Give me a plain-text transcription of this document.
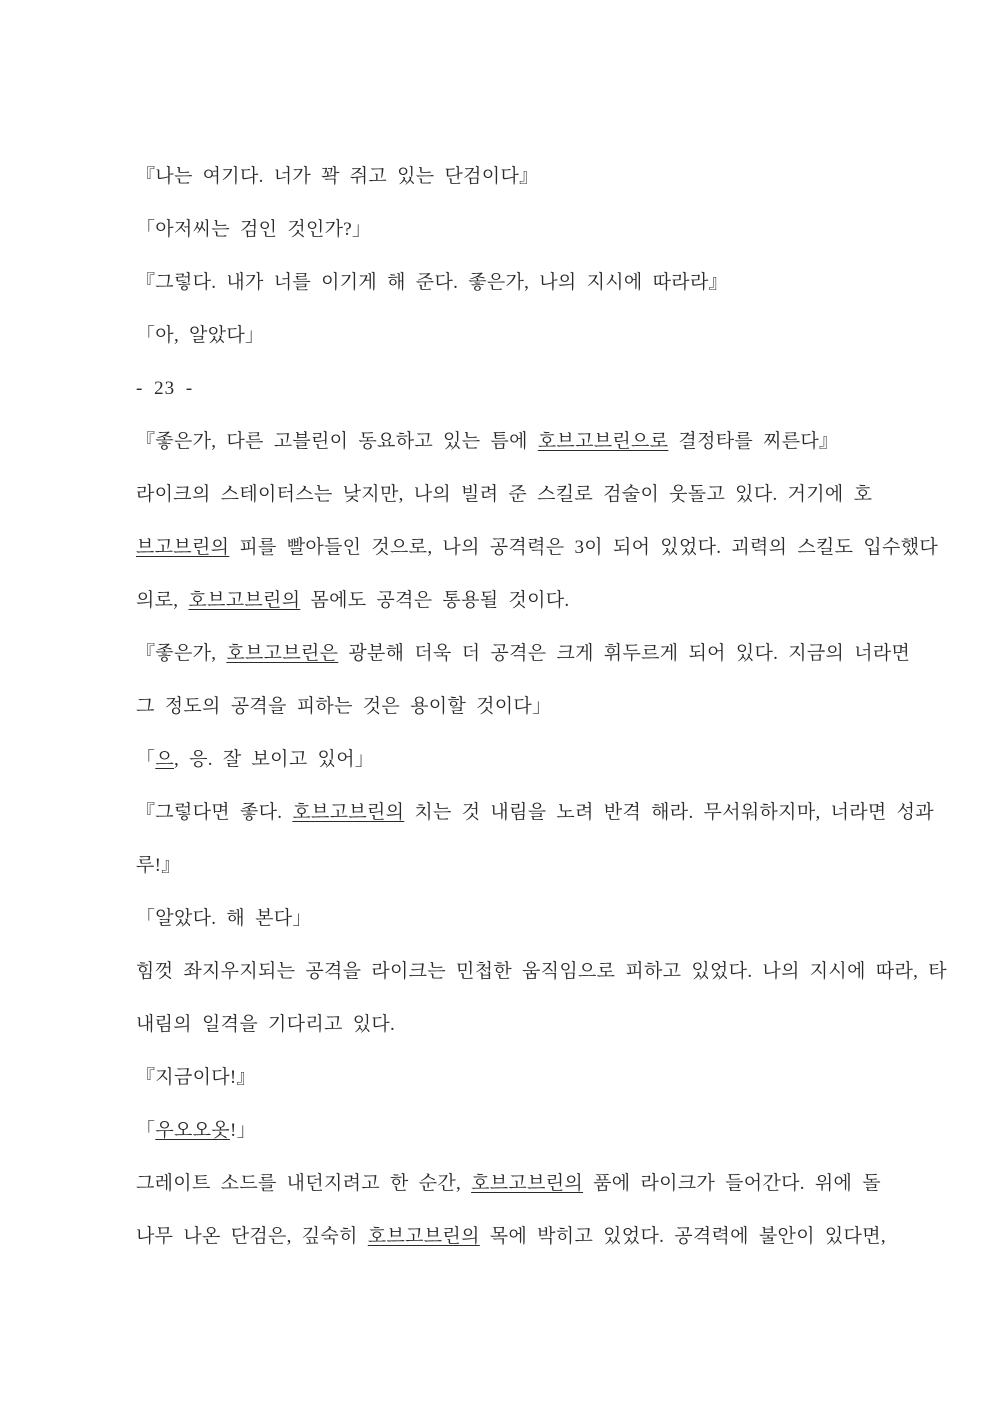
『나는 여기다. 너가 꽉 쥐고 있는 단검이다』
「아저씨는 검인 것인가?」
『그렇다. 내가 너를 이기게 해 준다. 좋은가, 나의 지시에 따라라』
「아, 알았다」
- 23 -
『좋은가, 다른 고블린이 동요하고 있는 틈에 호브고브린으로 결정타를 찌른다』
라이크의 스테이터스는 낮지만, 나의 빌려 준 스킬로 검술이 웃돌고 있다. 거기에 호
브고브린의 피를 빨아들인 것으로, 나의 공격력은 3이 되어 있었다. 괴력의 스킬도 입수했다
의로, 호브고브린의 몸에도 공격은 통용될 것이다.
『좋은가, 호브고브린은 광분해 더욱 더 공격은 크게 휘두르게 되어 있다. 지금의 너라면
그 정도의 공격을 피하는 것은 용이할 것이다」
「으, 응. 잘 보이고 있어」
『그렇다면 좋다. 호브고브린의 치는 것 내림을 노려 반격 해라. 무서워하지마, 너라면 성과
루!』
「알았다. 해 본다」
힘껏 좌지우지되는 공격을 라이크는 민첩한 움직임으로 피하고 있었다. 나의 지시에 따라, 타
내림의 일격을 기다리고 있다.
『지금이다!』
「우오오옷!」
그레이트 소드를 내던지려고 한 순간, 호브고브린의 품에 라이크가 들어간다. 위에 돌
나무 나온 단검은, 깊숙히 호브고브린의 목에 박히고 있었다. 공격력에 불안이 있다면,
